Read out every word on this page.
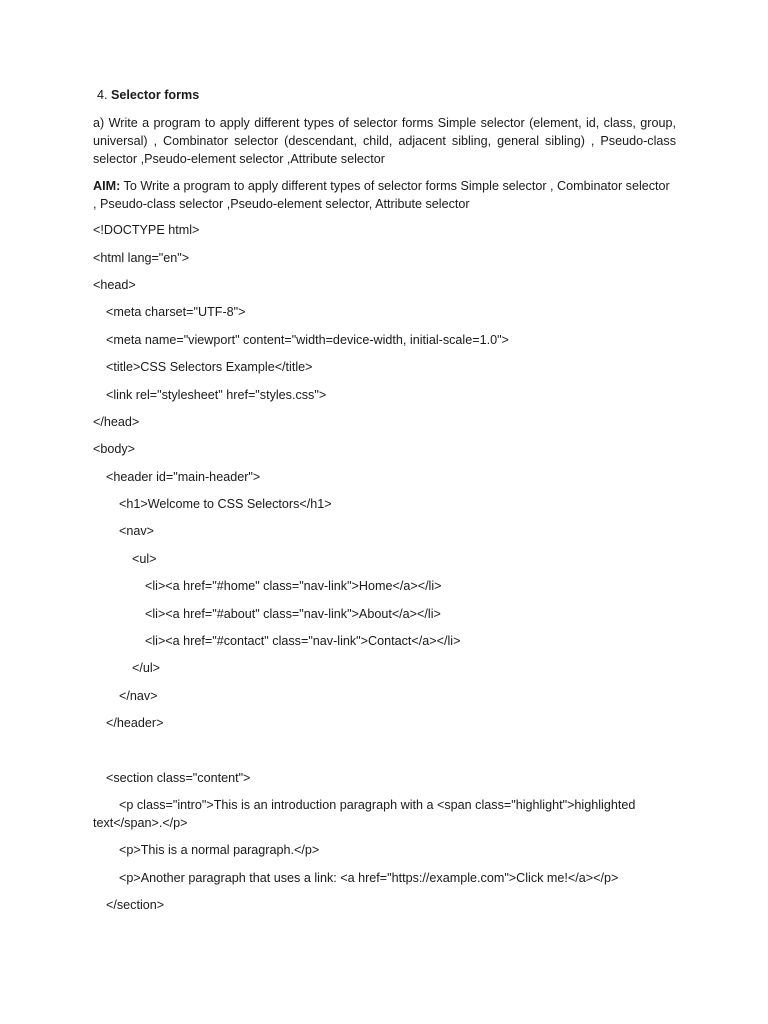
4. Selector forms
a) Write a program to apply different types of selector forms Simple selector (element, id, class, group, universal) , Combinator selector (descendant, child, adjacent sibling, general sibling) , Pseudo-class selector ,Pseudo-element selector ,Attribute selector
AIM: To Write a program to apply different types of selector forms Simple selector , Combinator selector , Pseudo-class selector ,Pseudo-element selector, Attribute selector
<!DOCTYPE html>
<html lang="en">
<head>
<meta charset="UTF-8">
<meta name="viewport" content="width=device-width, initial-scale=1.0">
<title>CSS Selectors Example</title>
<link rel="stylesheet" href="styles.css">
</head>
<body>
<header id="main-header">
<h1>Welcome to CSS Selectors</h1>
<nav>
<ul>
<li><a href="#home" class="nav-link">Home</a></li>
<li><a href="#about" class="nav-link">About</a></li>
<li><a href="#contact" class="nav-link">Contact</a></li>
</ul>
</nav>
</header>
<section class="content">
<p class="intro">This is an introduction paragraph with a <span class="highlight">highlighted text</span>.</p>
<p>This is a normal paragraph.</p>
<p>Another paragraph that uses a link: <a href="https://example.com">Click me!</a></p>
</section>
